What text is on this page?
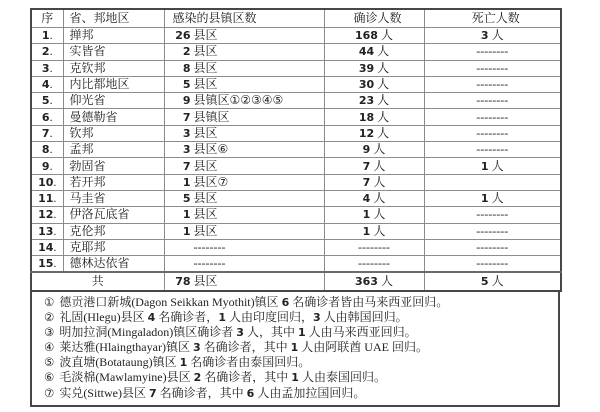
序	省、邦地区	感染的县镇区数	确诊人数	死亡人数
1.	掸邦	26 县区	168 人	3 人
2.	实皆省	2 县区	44 人	--------
3.	克钦邦	8 县区	39 人	--------
4.	内比都地区	5 县区	30 人	--------
5.	仰光省	9 县镇区①②③④⑤	23 人	--------
6.	曼德勒省	7 县镇区	18 人	--------
7.	钦邦	3 县区	12 人	--------
8.	孟邦	3 县区⑥	9 人	--------
9.	勃固省	7 县区	7 人	1 人
10.	若开邦	1 县区⑦	7 人	
11.	马圭省	5 县区	4 人	1 人
12.	伊洛瓦底省	1 县区	1 人	--------
13.	克伦邦	1 县区	1 人	--------
14.	克耶邦	--------	--------	--------
15.	德林达依省	--------	--------	--------
共		78 县区	363 人	5 人
① 德贡港口新城(Dagon Seikkan Myothit)镇区 6 名确诊者皆由马来西亚回归。
② 礼固(Hlegu)县区 4 名确诊者，1 人由印度回归，3 人由韩国回归。
③ 明加拉洞(Mingaladon)镇区确诊者 3 人，其中 1 人由马来西亚回归。
④ 莱达雅(Hlaingthayar)镇区 3 名确诊者，其中 1 人由阿联酋 UAE 回归。
⑤ 波直塘(Botataung)镇区 1 名确诊者由泰国回归。
⑥ 毛淡棉(Mawlamyine)县区 2 名确诊者，其中 1 人由泰国回归。
⑦ 实兑(Sittwe)县区 7 名确诊者，其中 6 人由孟加拉国回归。
